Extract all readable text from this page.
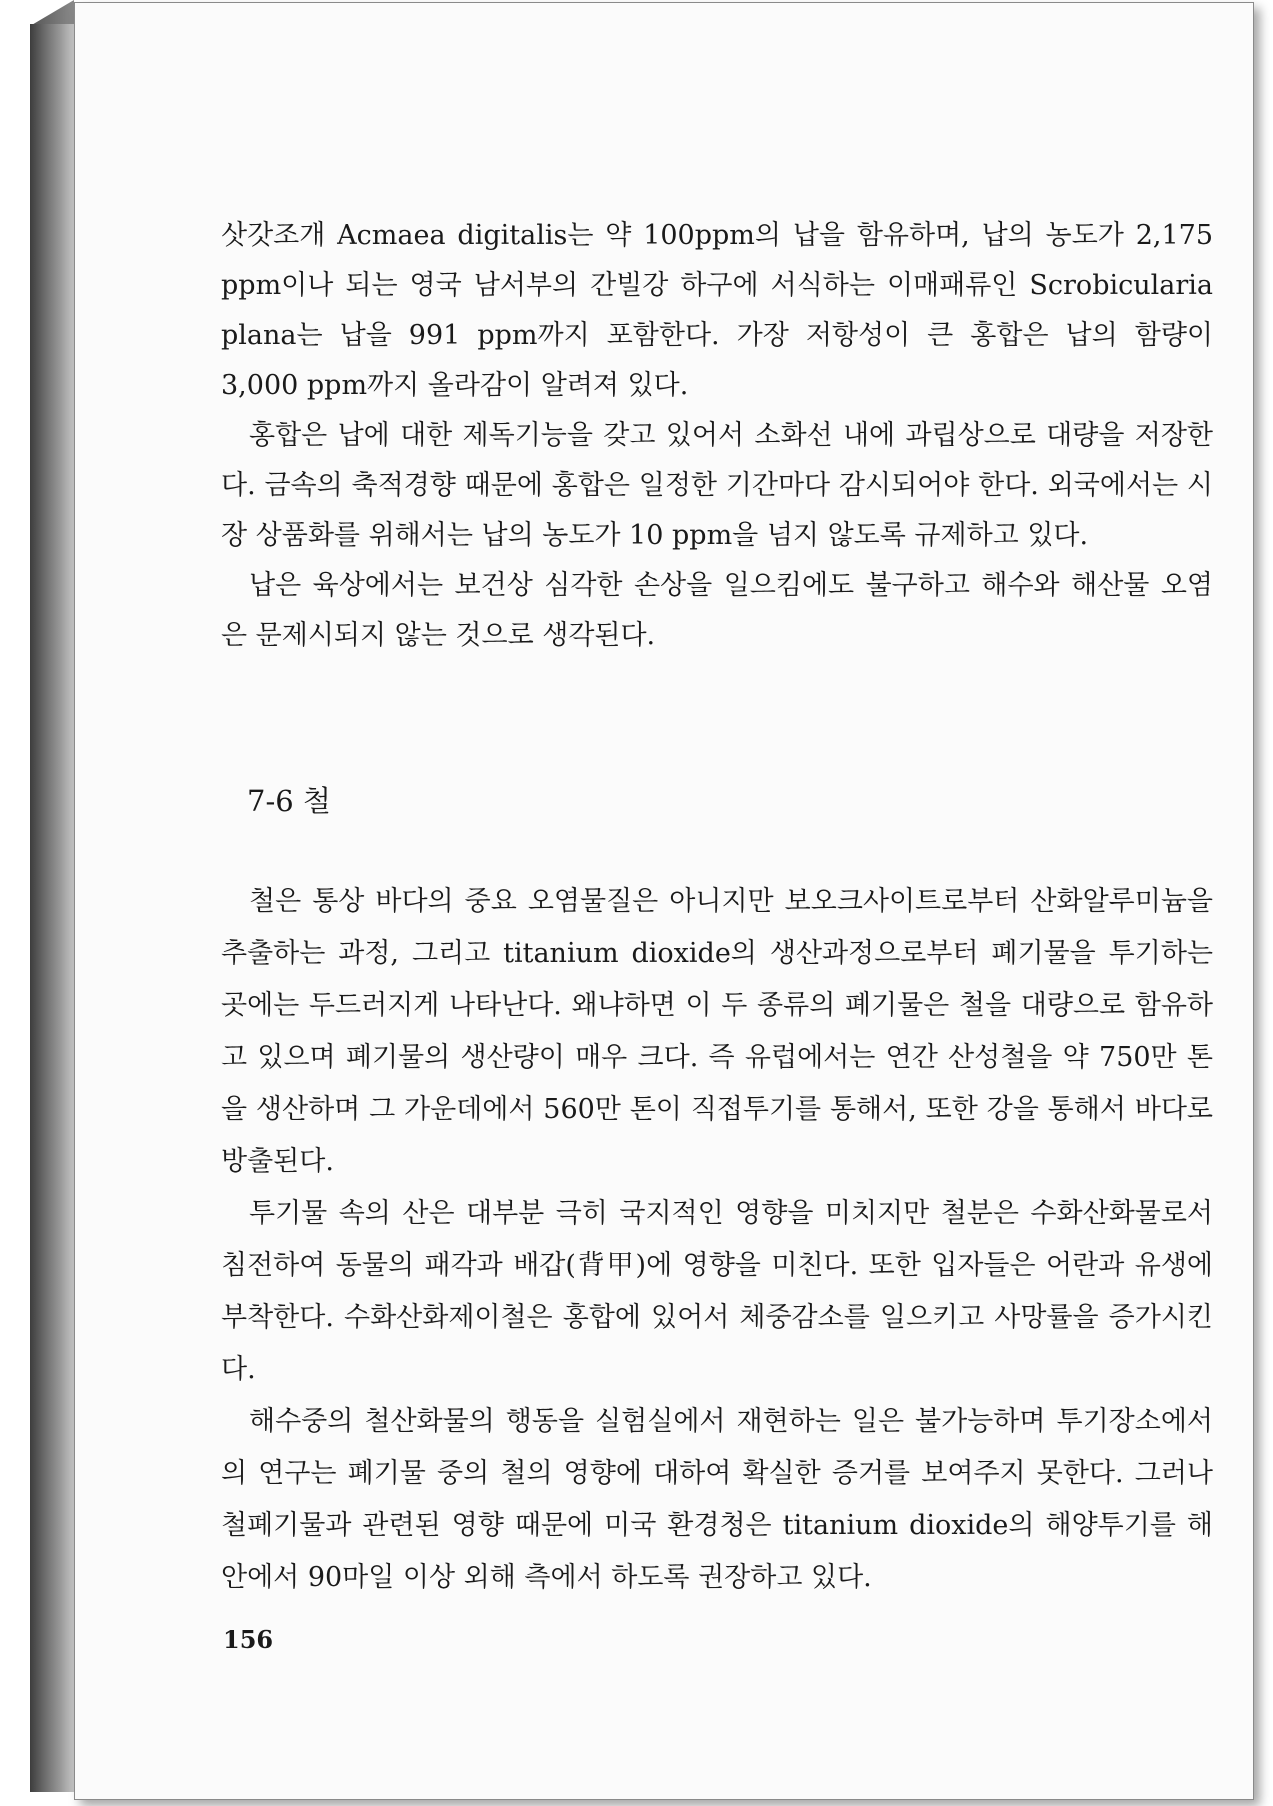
삿갓조개 Acmaea digitalis는 약 100ppm의 납을 함유하며, 납의 농도가 2,175 ppm이나 되는 영국 남서부의 간빌강 하구에 서식하는 이매패류인 Scrobicularia plana는 납을 991 ppm까지 포함한다. 가장 저항성이 큰 홍합은 납의 함량이 3,000 ppm까지 올라감이 알려져 있다.

홍합은 납에 대한 제독기능을 갖고 있어서 소화선 내에 과립상으로 대량을 저장한다. 금속의 축적경향 때문에 홍합은 일정한 기간마다 감시되어야 한다. 외국에서는 시장 상품화를 위해서는 납의 농도가 10 ppm을 넘지 않도록 규제하고 있다.

납은 육상에서는 보건상 심각한 손상을 일으킴에도 불구하고 해수와 해산물 오염은 문제시되지 않는 것으로 생각된다.

7-6 철

철은 통상 바다의 중요 오염물질은 아니지만 보오크사이트로부터 산화알루미늄을 추출하는 과정, 그리고 titanium dioxide의 생산과정으로부터 폐기물을 투기하는 곳에는 두드러지게 나타난다. 왜냐하면 이 두 종류의 폐기물은 철을 대량으로 함유하고 있으며 폐기물의 생산량이 매우 크다. 즉 유럽에서는 연간 산성철을 약 750만 톤을 생산하며 그 가운데에서 560만 톤이 직접투기를 통해서, 또한 강을 통해서 바다로 방출된다.

투기물 속의 산은 대부분 극히 국지적인 영향을 미치지만 철분은 수화산화물로서 침전하여 동물의 패각과 배갑(背甲)에 영향을 미친다. 또한 입자들은 어란과 유생에 부착한다. 수화산화제이철은 홍합에 있어서 체중감소를 일으키고 사망률을 증가시킨다.

해수중의 철산화물의 행동을 실험실에서 재현하는 일은 불가능하며 투기장소에서의 연구는 폐기물 중의 철의 영향에 대하여 확실한 증거를 보여주지 못한다. 그러나 철폐기물과 관련된 영향 때문에 미국 환경청은 titanium dioxide의 해양투기를 해안에서 90마일 이상 외해 측에서 하도록 권장하고 있다.

156
